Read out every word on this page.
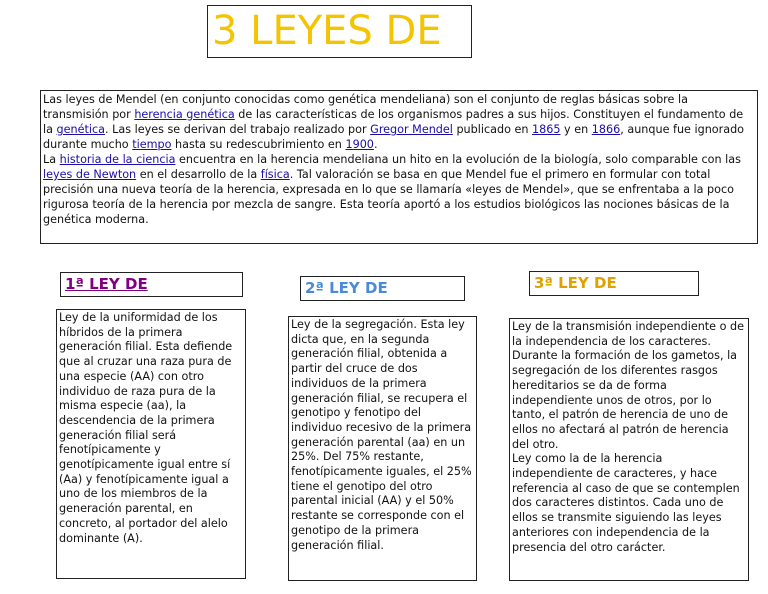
3 LEYES DE

Las leyes de Mendel (en conjunto conocidas como genética mendeliana) son el conjunto de reglas básicas sobre la transmisión por herencia genética de las características de los organismos padres a sus hijos. Constituyen el fundamento de la genética. Las leyes se derivan del trabajo realizado por Gregor Mendel publicado en 1865 y en 1866, aunque fue ignorado durante mucho tiempo hasta su redescubrimiento en 1900.

La historia de la ciencia encuentra en la herencia mendeliana un hito en la evolución de la biología, solo comparable con las leyes de Newton en el desarrollo de la física. Tal valoración se basa en que Mendel fue el primero en formular con total precisión una nueva teoría de la herencia, expresada en lo que se llamaría «leyes de Mendel», que se enfrentaba a la poco rigurosa teoría de la herencia por mezcla de sangre. Esta teoría aportó a los estudios biológicos las nociones básicas de la genética moderna.

1ª LEY DE	2ª LEY DE	3ª LEY DE
Ley de la uniformidad de los híbridos de la primera generación filial. Esta defiende que al cruzar una raza pura de una especie (AA) con otro individuo de raza pura de la misma especie (aa), la descendencia de la primera generación filial será fenotípicamente y genotípicamente igual entre sí (Aa) y fenotípicamente igual a uno de los miembros de la generación parental, en concreto, al portador del alelo dominante (A).
Ley de la segregación. Esta ley dicta que, en la segunda generación filial, obtenida a partir del cruce de dos individuos de la primera generación filial, se recupera el genotipo y fenotipo del individuo recesivo de la primera generación parental (aa) en un 25%. Del 75% restante, fenotípicamente iguales, el 25% tiene el genotipo del otro parental inicial (AA) y el 50% restante se corresponde con el genotipo de la primera generación filial.
Ley de la transmisión independiente o de la independencia de los caracteres. Durante la formación de los gametos, la segregación de los diferentes rasgos hereditarios se da de forma independiente unos de otros, por lo tanto, el patrón de herencia de uno de ellos no afectará al patrón de herencia del otro.
Ley como la de la herencia independiente de caracteres, y hace referencia al caso de que se contemplen dos caracteres distintos. Cada uno de ellos se transmite siguiendo las leyes anteriores con independencia de la presencia del otro carácter.
